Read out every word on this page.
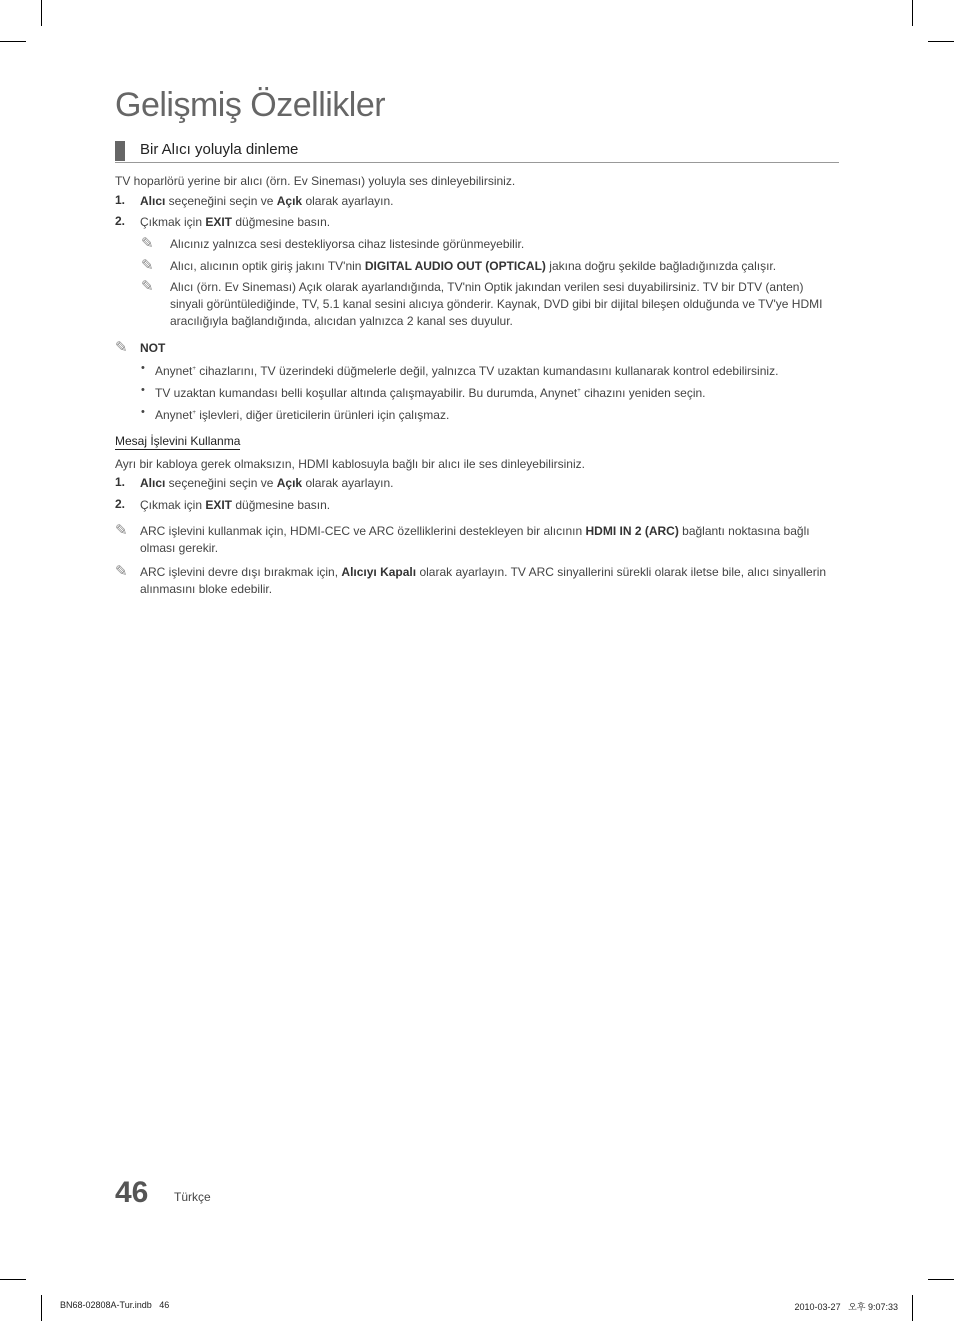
Gelişmiş Özellikler
Bir Alıcı yoluyla dinleme
TV hoparlörü yerine bir alıcı (örn. Ev Sineması) yoluyla ses dinleyebilirsiniz.
1. Alıcı seçeneğini seçin ve Açık olarak ayarlayın.
2. Çıkmak için EXIT düğmesine basın.
✎ Alıcınız yalnızca sesi destekliyorsa cihaz listesinde görünmeyebilir.
✎ Alıcı, alıcının optik giriş jakını TV'nin DIGITAL AUDIO OUT (OPTICAL) jakına doğru şekilde bağladığınızda çalışır.
✎ Alıcı (örn. Ev Sineması) Açık olarak ayarlandığında, TV'nin Optik jakından verilen sesi duyabilirsiniz. TV bir DTV (anten) sinyali görüntülediğinde, TV, 5.1 kanal sesini alıcıya gönderir. Kaynak, DVD gibi bir dijital bileşen olduğunda ve TV'ye HDMI aracılığıyla bağlandığında, alıcıdan yalnızca 2 kanal ses duyulur.
✎ NOT
• Anynet+ cihazlarını, TV üzerindeki düğmelerle değil, yalnızca TV uzaktan kumandasını kullanarak kontrol edebilirsiniz.
• TV uzaktan kumandası belli koşullar altında çalışmayabilir. Bu durumda, Anynet+ cihazını yeniden seçin.
• Anynet+ işlevleri, diğer üreticilerin ürünleri için çalışmaz.
Mesaj İşlevini Kullanma
Ayrı bir kabloya gerek olmaksızın, HDMI kablosuyla bağlı bir alıcı ile ses dinleyebilirsiniz.
1. Alıcı seçeneğini seçin ve Açık olarak ayarlayın.
2. Çıkmak için EXIT düğmesine basın.
✎ ARC işlevini kullanmak için, HDMI-CEC ve ARC özelliklerini destekleyen bir alıcının HDMI IN 2 (ARC) bağlantı noktasına bağlı olması gerekir.
✎ ARC işlevini devre dışı bırakmak için, Alıcıyı Kapalı olarak ayarlayın. TV ARC sinyallerini sürekli olarak iletse bile, alıcı sinyallerin alınmasını bloke edebilir.
46 Türkçe
BN68-02808A-Tur.indb   46	2010-03-27   오후 9:07:33
